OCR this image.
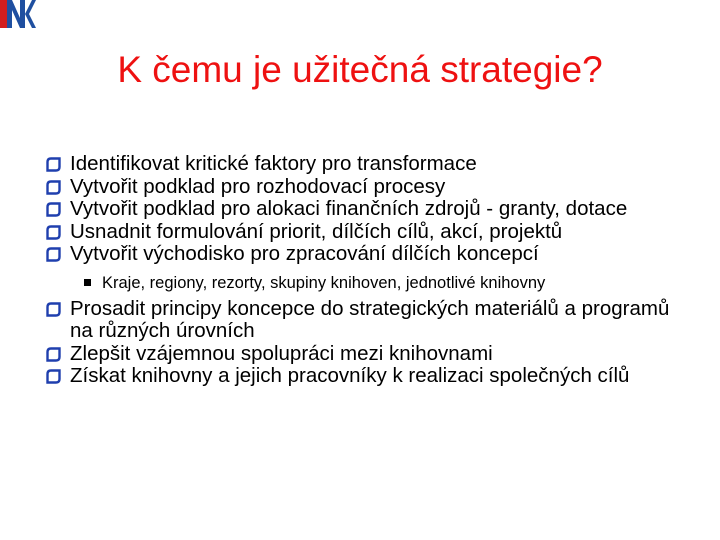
K čemu je užitečná strategie?
Identifikovat kritické faktory pro transformace
Vytvořit podklad pro rozhodovací procesy
Vytvořit podklad pro alokaci finančních zdrojů - granty, dotace
Usnadnit formulování priorit, dílčích cílů, akcí, projektů
Vytvořit východisko pro zpracování dílčích koncepcí
Kraje, regiony, rezorty, skupiny knihoven, jednotlivé knihovny
Prosadit principy koncepce do strategických materiálů a programů na různých úrovních
Zlepšit vzájemnou spolupráci mezi knihovnami
Získat knihovny a jejich pracovníky k realizaci společných cílů
